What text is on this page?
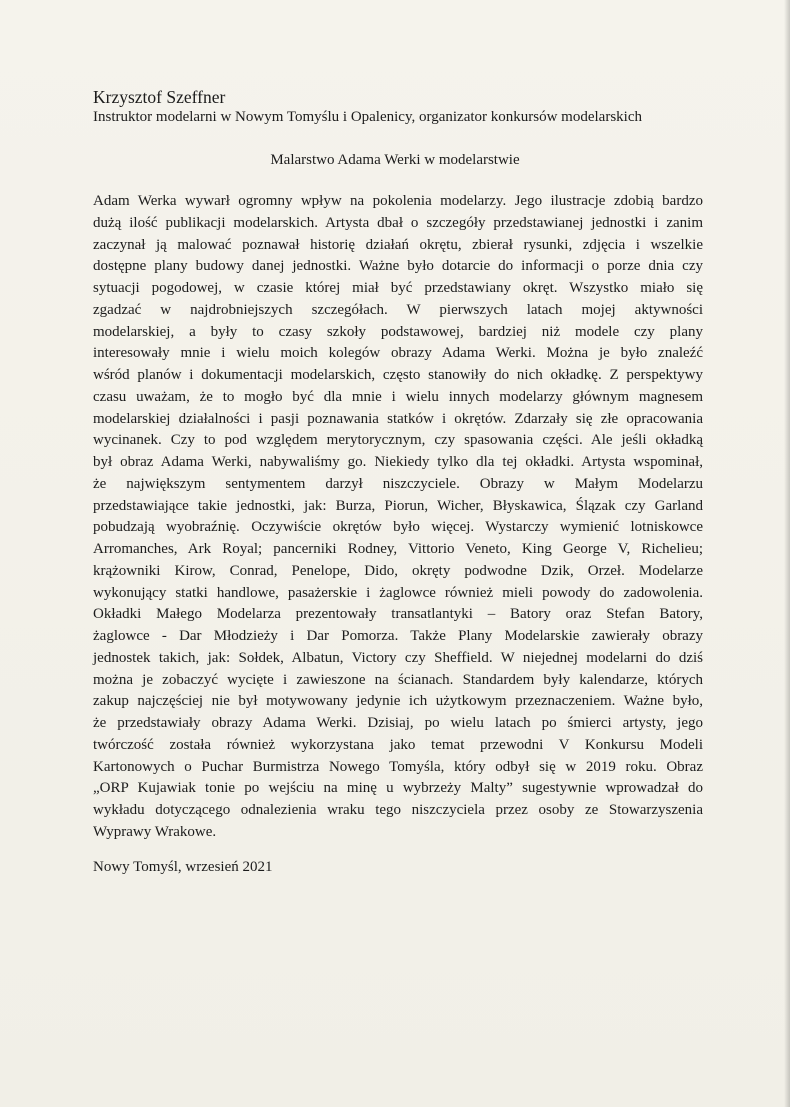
Krzysztof Szeffner
Instruktor modelarni w Nowym Tomyślu i Opalenicy, organizator konkursów modelarskich
Malarstwo Adama Werki w modelarstwie
Adam Werka wywarł ogromny wpływ na pokolenia modelarzy. Jego ilustracje zdobią bardzo
dużą ilość publikacji modelarskich. Artysta dbał o szczegóły przedstawianej jednostki i zanim
zaczynał ją malować poznawał historię działań okrętu, zbierał rysunki, zdjęcia i wszelkie
dostępne plany budowy danej jednostki. Ważne było dotarcie do informacji o porze dnia czy
sytuacji pogodowej, w czasie której miał być przedstawiany okręt. Wszystko miało się
zgadzać w najdrobniejszych szczegółach. W pierwszych latach mojej aktywności
modelarskiej, a były to czasy szkoły podstawowej, bardziej niż modele czy plany
interesowały mnie i wielu moich kolegów obrazy Adama Werki. Można je było znaleźć
wśród planów i dokumentacji modelarskich, często stanowiły do nich okładkę. Z perspektywy
czasu uważam, że to mogło być dla mnie i wielu innych modelarzy głównym magnesem
modelarskiej działalności i pasji poznawania statków i okrętów. Zdarzały się złe opracowania
wycinanek. Czy to pod względem merytorycznym, czy spasowania części. Ale jeśli okładką
był obraz Adama Werki, nabywaliśmy go. Niekiedy tylko dla tej okładki. Artysta wspominał,
że największym sentymentem darzył niszczyciele. Obrazy w Małym Modelarzu
przedstawiające takie jednostki, jak: Burza, Piorun, Wicher, Błyskawica, Ślązak czy Garland
pobudzają wyobraźnię. Oczywiście okrętów było więcej. Wystarczy wymienić lotniskowce
Arromanches, Ark Royal; pancerniki Rodney, Vittorio Veneto, King George V, Richelieu;
krążowniki Kirow, Conrad, Penelope, Dido, okręty podwodne Dzik, Orzeł. Modelarze
wykonujący statki handlowe, pasażerskie i żaglowce również mieli powody do zadowolenia.
Okładki Małego Modelarza prezentowały transatlantyki – Batory oraz Stefan Batory,
żaglowce - Dar Młodzieży i Dar Pomorza. Także Plany Modelarskie zawierały obrazy
jednostek takich, jak: Sołdek, Albatun, Victory czy Sheffield. W niejednej modelarni do dziś
można je zobaczyć wycięte i zawieszone na ścianach. Standardem były kalendarze, których
zakup najczęściej nie był motywowany jedynie ich użytkowym przeznaczeniem. Ważne było,
że przedstawiały obrazy Adama Werki. Dzisiaj, po wielu latach po śmierci artysty, jego
twórczość została również wykorzystana jako temat przewodni V Konkursu Modeli
Kartonowych o Puchar Burmistrza Nowego Tomyśla, który odbył się w 2019 roku. Obraz
„ORP Kujawiak tonie po wejściu na minę u wybrzeży Malty” sugestywnie wprowadzał do
wykładu dotyczącego odnalezienia wraku tego niszczyciela przez osoby ze Stowarzyszenia
Wyprawy Wrakowe.
Nowy Tomyśl, wrzesień 2021
